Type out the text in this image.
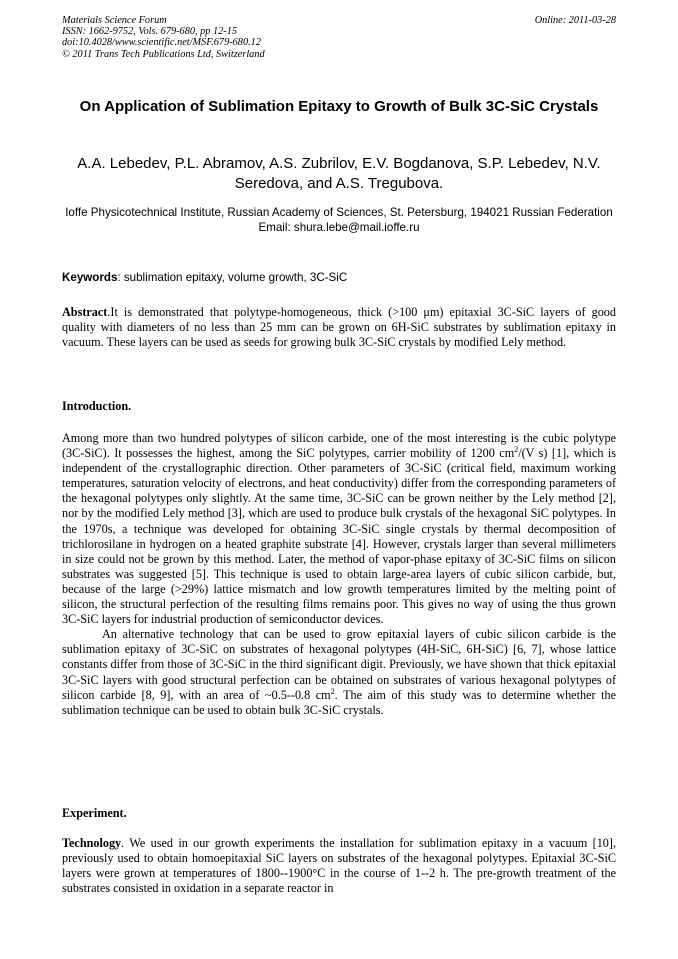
Materials Science Forum
ISSN: 1662-9752, Vols. 679-680, pp 12-15
doi:10.4028/www.scientific.net/MSF.679-680.12
© 2011 Trans Tech Publications Ltd, Switzerland
Online: 2011-03-28
On Application of Sublimation Epitaxy to Growth of Bulk 3C-SiC Crystals
A.A. Lebedev, P.L. Abramov, A.S. Zubrilov, E.V. Bogdanova, S.P. Lebedev, N.V. Seredova, and A.S. Tregubova.
Ioffe Physicotechnical Institute, Russian Academy of Sciences, St. Petersburg, 194021 Russian Federation
Email: shura.lebe@mail.ioffe.ru
Keywords: sublimation epitaxy, volume growth, 3C-SiC

Abstract.It is demonstrated that polytype-homogeneous, thick (>100 μm) epitaxial 3C-SiC layers of good quality with diameters of no less than 25 mm can be grown on 6H-SiC substrates by sublimation epitaxy in vacuum. These layers can be used as seeds for growing bulk 3C-SiC crystals by modified Lely method.

Introduction.

Among more than two hundred polytypes of silicon carbide, one of the most interesting is the cubic polytype (3C-SiC). It possesses the highest, among the SiC polytypes, carrier mobility of 1200 $cm^2/(V$ s) [1], which is independent of the crystallographic direction. Other parameters of 3C-SiC (critical field, maximum working temperatures, saturation velocity of electrons, and heat conductivity) differ from the corresponding parameters of the hexagonal polytypes only slightly. At the same time, 3C-SiC can be grown neither by the Lely method [2], nor by the modified Lely method [3], which are used to produce bulk crystals of the hexagonal SiC polytypes. In the 1970s, a technique was developed for obtaining 3C-SiC single crystals by thermal decomposition of trichlorosilane in hydrogen on a heated graphite substrate [4]. However, crystals larger than several millimeters in size could not be grown by this method. Later, the method of vapor-phase epitaxy of 3C-SiC films on silicon substrates was suggested [5]. This technique is used to obtain large-area layers of cubic silicon carbide, but, because of the large (>29%) lattice mismatch and low growth temperatures limited by the melting point of silicon, the structural perfection of the resulting films remains poor. This gives no way of using the thus grown 3C-SiC layers for industrial production of semiconductor devices.

An alternative technology that can be used to grow epitaxial layers of cubic silicon carbide is the sublimation epitaxy of 3C-SiC on substrates of hexagonal polytypes (4H-SiC, 6H-SiC) [6, 7], whose lattice constants differ from those of 3C-SiC in the third significant digit. Previously, we have shown that thick epitaxial 3C-SiC layers with good structural perfection can be obtained on substrates of various hexagonal polytypes of silicon carbide [8, 9], with an area of ~0.5--0.8 $cm^2$. The aim of this study was to determine whether the sublimation technique can be used to obtain bulk 3C-SiC crystals.

Experiment.

Technology. We used in our growth experiments the installation for sublimation epitaxy in a vacuum [10], previously used to obtain homoepitaxial SiC layers on substrates of the hexagonal polytypes. Epitaxial 3C-SiC layers were grown at temperatures of 1800--1900°C in the course of 1--2 h. The pre-growth treatment of the substrates consisted in oxidation in a separate reactor in
